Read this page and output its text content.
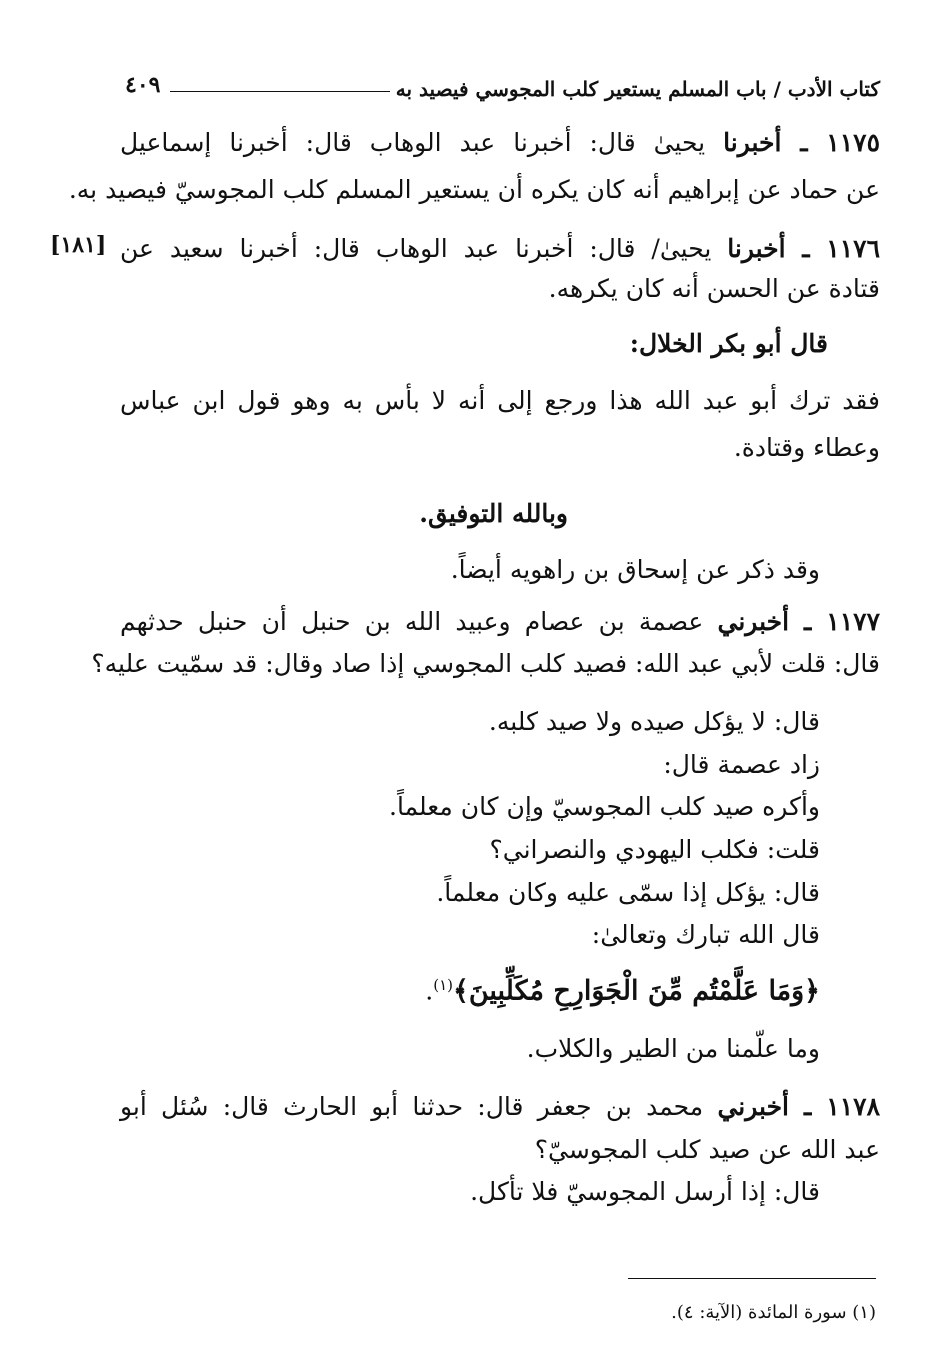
كتاب الأدب / باب المسلم يستعير كلب المجوسي فيصيد به
٤٠٩
١١٧٥ ـ أخبرنا يحيىٰ قال: أخبرنا عبد الوهاب قال: أخبرنا إسماعيل
عن حماد عن إبراهيم أنه كان يكره أن يستعير المسلم كلب المجوسيّ فيصيد به.
١١٧٦ ـ أخبرنا يحيىٰ/ قال: أخبرنا عبد الوهاب قال: أخبرنا سعيد عن
[١٨١]
قتادة عن الحسن أنه كان يكرهه.
قال أبو بكر الخلال:
فقد ترك أبو عبد الله هذا ورجع إلى أنه لا بأس به وهو قول ابن عباس
وعطاء وقتادة.
وبالله التوفيق.
وقد ذكر عن إسحاق بن راهويه أيضاً.
١١٧٧ ـ أخبرني عصمة بن عصام وعبيد الله بن حنبل أن حنبل حدثهم
قال: قلت لأبي عبد الله: فصيد كلب المجوسي إذا صاد وقال: قد سمّيت عليه؟
قال: لا يؤكل صيده ولا صيد كلبه.
زاد عصمة قال:
وأكره صيد كلب المجوسيّ وإن كان معلماً.
قلت: فكلب اليهودي والنصراني؟
قال: يؤكل إذا سمّى عليه وكان معلماً.
قال الله تبارك وتعالىٰ:
﴿وَمَا عَلَّمْتُم مِّنَ الْجَوَارِحِ مُكَلِّبِينَ﴾$^{(١)}$.
وما علّمنا من الطير والكلاب.
١١٧٨ ـ أخبرني محمد بن جعفر قال: حدثنا أبو الحارث قال: سُئل أبو
عبد الله عن صيد كلب المجوسيّ؟
قال: إذا أرسل المجوسيّ فلا تأكل.
(١) سورة المائدة (الآية: ٤).
